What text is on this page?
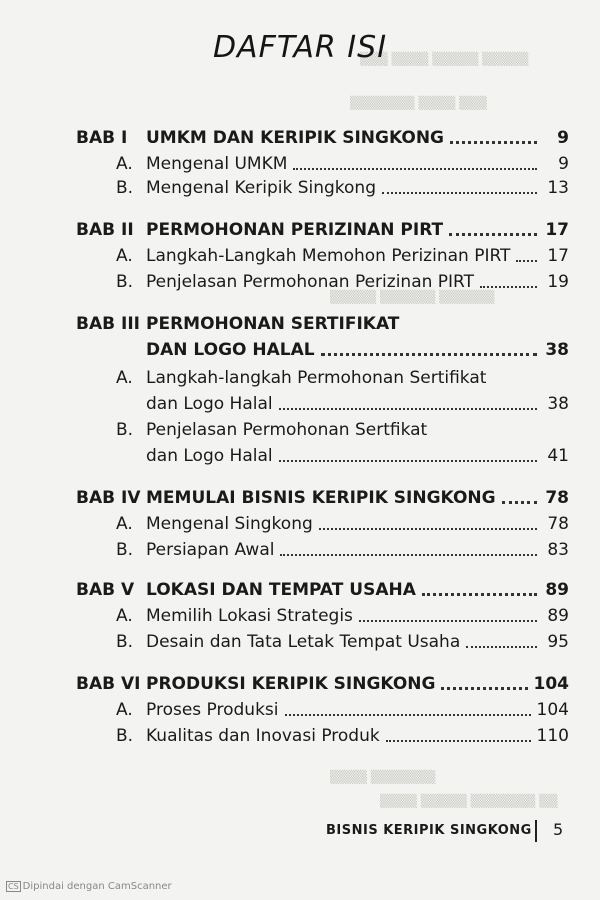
▒▒▒ ▒▒▒▒ ▒▒▒▒▒ ▒▒▒▒▒
▒▒▒▒▒▒▒ ▒▒▒▒ ▒▒▒
▒▒▒▒▒ ▒▒▒▒▒▒ ▒▒▒▒▒▒
▒▒▒▒ ▒▒▒▒▒▒▒
▒▒▒▒ ▒▒▒▒▒ ▒▒▒▒▒▒▒ ▒▒
DAFTAR ISI
BAB I	UMKM DAN KERIPIK SINGKONG	9
A. Mengenal UMKM	9
B. Mengenal Keripik Singkong	13
BAB II PERMOHONAN PERIZINAN PIRT	17
A. Langkah-Langkah Memohon Perizinan PIRT 17
B. Penjelasan Permohonan Perizinan PIRT	19
BAB III PERMOHONAN SERTIFIKAT
DAN LOGO HALAL	38
A. Langkah-langkah Permohonan Sertifikat
dan Logo Halal	38
B. Penjelasan Permohonan Sertfikat
dan Logo Halal	41
BAB IV MEMULAI BISNIS KERIPIK SINGKONG	78
A. Mengenal Singkong	78
B. Persiapan Awal	83
BAB V LOKASI DAN TEMPAT USAHA	89
A. Memilih Lokasi Strategis	89
B. Desain dan Tata Letak Tempat Usaha	95
BAB VI PRODUKSI KERIPIK SINGKONG	104
A. Proses Produksi	104
B. Kualitas dan Inovasi Produk	110
BISNIS KERIPIK SINGKONG 5
CS Dipindai dengan CamScanner
